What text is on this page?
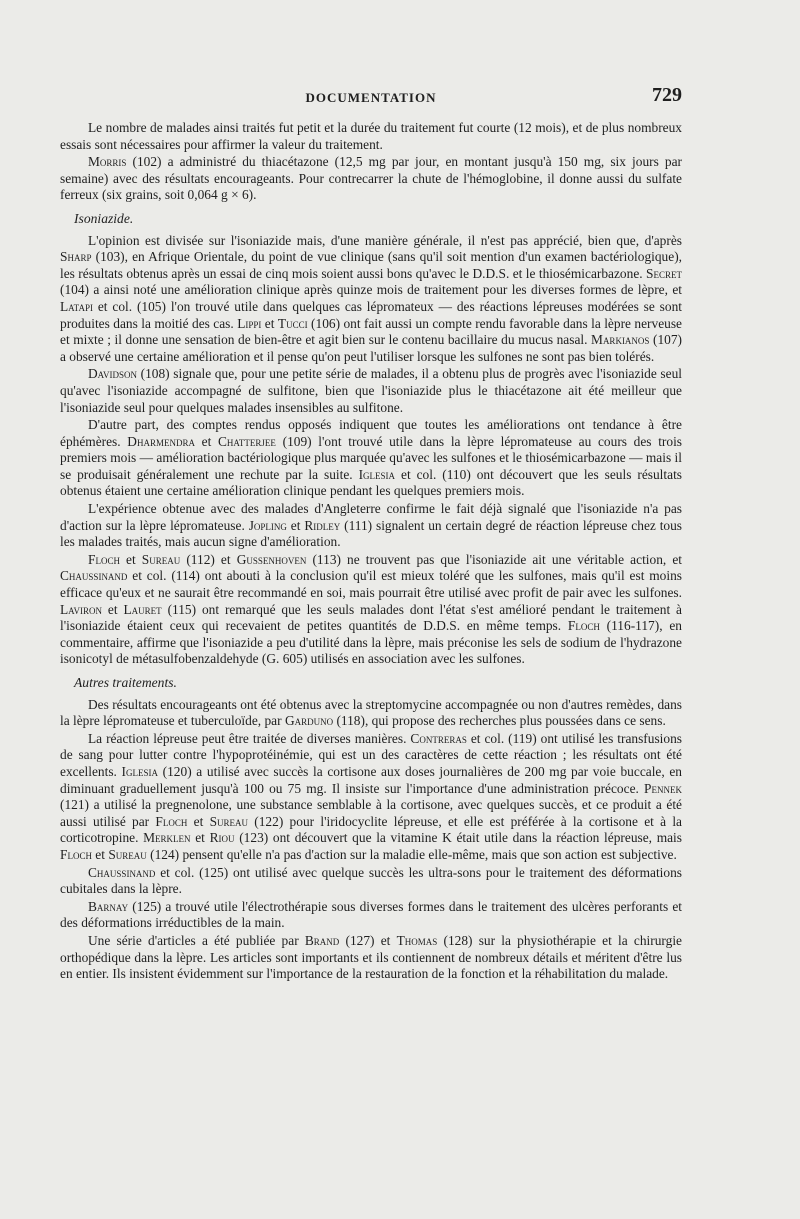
DOCUMENTATION	729

Le nombre de malades ainsi traités fut petit et la durée du traitement fut courte (12 mois), et de plus nombreux essais sont nécessaires pour affirmer la valeur du traitement.

Morris (102) a administré du thiacétazone (12,5 mg par jour, en montant jusqu'à 150 mg, six jours par semaine) avec des résultats encourageants. Pour contrecarrer la chute de l'hémoglobine, il donne aussi du sulfate ferreux (six grains, soit 0,064 g × 6).

Isoniazide.

L'opinion est divisée sur l'isoniazide mais, d'une manière générale, il n'est pas apprécié, bien que, d'après Sharp (103), en Afrique Orientale, du point de vue clinique (sans qu'il soit mention d'un examen bactériologique), les résultats obtenus après un essai de cinq mois soient aussi bons qu'avec le D.D.S. et le thiosémicarbazone. Secret (104) a ainsi noté une amélioration clinique après quinze mois de traitement pour les diverses formes de lèpre, et Latapi et col. (105) l'on trouvé utile dans quelques cas lépromateux — des réactions lépreuses modérées se sont produites dans la moitié des cas. Lippi et Tucci (106) ont fait aussi un compte rendu favorable dans la lèpre nerveuse et mixte ; il donne une sensation de bien-être et agit bien sur le contenu bacillaire du mucus nasal. Markianos (107) a observé une certaine amélioration et il pense qu'on peut l'utiliser lorsque les sulfones ne sont pas bien tolérés.

Davidson (108) signale que, pour une petite série de malades, il a obtenu plus de progrès avec l'isoniazide seul qu'avec l'isoniazide accompagné de sulfitone, bien que l'isoniazide plus le thiacétazone ait été meilleur que l'isoniazide seul pour quelques malades insensibles au sulfitone.

D'autre part, des comptes rendus opposés indiquent que toutes les améliorations ont tendance à être éphémères. Dharmendra et Chatterjee (109) l'ont trouvé utile dans la lèpre lépromateuse au cours des trois premiers mois — amélioration bactériologique plus marquée qu'avec les sulfones et le thiosémicarbazone — mais il se produisait généralement une rechute par la suite. Iglesia et col. (110) ont découvert que les seuls résultats obtenus étaient une certaine amélioration clinique pendant les quelques premiers mois.

L'expérience obtenue avec des malades d'Angleterre confirme le fait déjà signalé que l'isoniazide n'a pas d'action sur la lèpre lépromateuse. Jopling et Ridley (111) signalent un certain degré de réaction lépreuse chez tous les malades traités, mais aucun signe d'amélioration.

Floch et Sureau (112) et Gussenhoven (113) ne trouvent pas que l'isoniazide ait une véritable action, et Chaussinand et col. (114) ont abouti à la conclusion qu'il est mieux toléré que les sulfones, mais qu'il est moins efficace qu'eux et ne saurait être recommandé en soi, mais pourrait être utilisé avec profit de pair avec les sulfones. Laviron et Lauret (115) ont remarqué que les seuls malades dont l'état s'est amélioré pendant le traitement à l'isoniazide étaient ceux qui recevaient de petites quantités de D.D.S. en même temps. Floch (116-117), en commentaire, affirme que l'isoniazide a peu d'utilité dans la lèpre, mais préconise les sels de sodium de l'hydrazone isonicotyl de métasulfobenzaldehyde (G. 605) utilisés en association avec les sulfones.

Autres traitements.

Des résultats encourageants ont été obtenus avec la streptomycine accompagnée ou non d'autres remèdes, dans la lèpre lépromateuse et tuberculoïde, par Garduno (118), qui propose des recherches plus poussées dans ce sens.

La réaction lépreuse peut être traitée de diverses manières. Contreras et col. (119) ont utilisé les transfusions de sang pour lutter contre l'hypoprotéinémie, qui est un des caractères de cette réaction ; les résultats ont été excellents. Iglesia (120) a utilisé avec succès la cortisone aux doses journalières de 200 mg par voie buccale, en diminuant graduellement jusqu'à 100 ou 75 mg. Il insiste sur l'importance d'une administration précoce. Pennek (121) a utilisé la pregnenolone, une substance semblable à la cortisone, avec quelques succès, et ce produit a été aussi utilisé par Floch et Sureau (122) pour l'iridocyclite lépreuse, et elle est préférée à la cortisone et à la corticotropine. Merklen et Riou (123) ont découvert que la vitamine K était utile dans la réaction lépreuse, mais Floch et Sureau (124) pensent qu'elle n'a pas d'action sur la maladie elle-même, mais que son action est subjective.

Chaussinand et col. (125) ont utilisé avec quelque succès les ultra-sons pour le traitement des déformations cubitales dans la lèpre.

Barnay (125) a trouvé utile l'électrothérapie sous diverses formes dans le traitement des ulcères perforants et des déformations irréductibles de la main.

Une série d'articles a été publiée par Brand (127) et Thomas (128) sur la physiothérapie et la chirurgie orthopédique dans la lèpre. Les articles sont importants et ils contiennent de nombreux détails et méritent d'être lus en entier. Ils insistent évidemment sur l'importance de la restauration de la fonction et la réhabilitation du malade.
